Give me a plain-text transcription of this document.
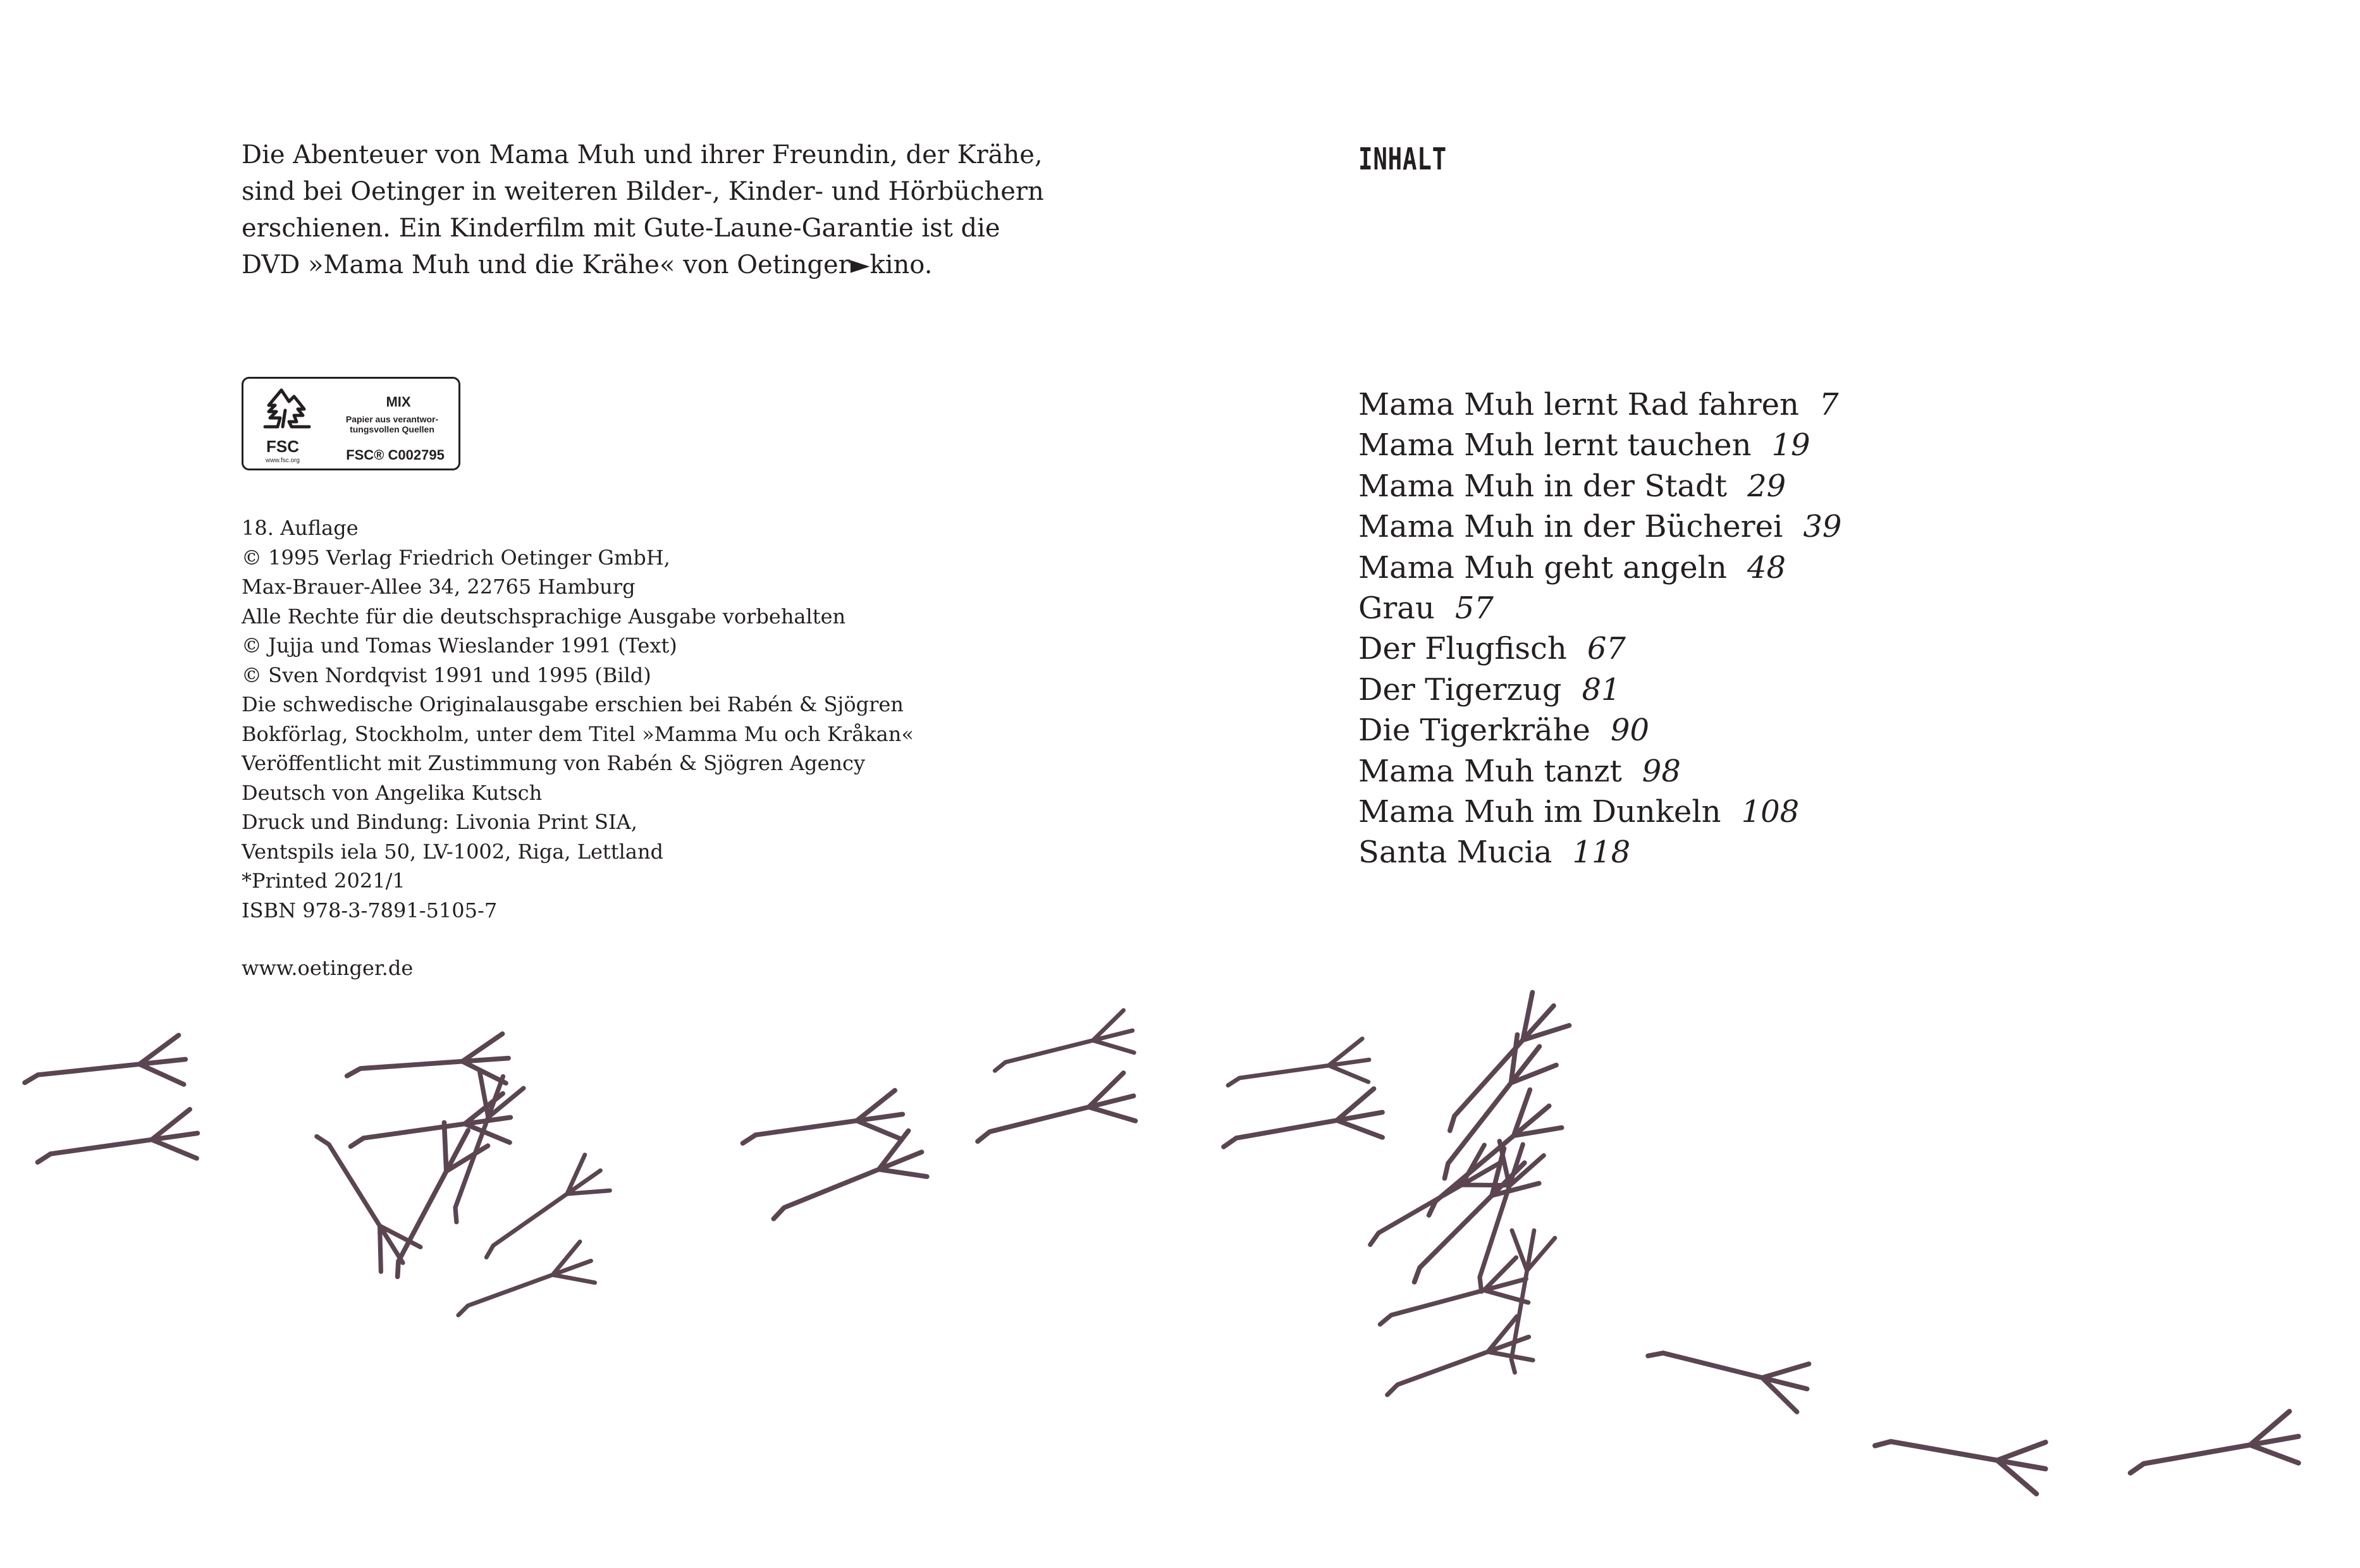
Die Abenteuer von Mama Muh und ihrer Freundin, der Krähe,

sind bei Oetinger in weiteren Bilder-, Kinder- und Hörbüchern

erschienen. Ein Kinderfilm mit Gute-Laune-Garantie ist die

DVD »Mama Muh und die Krähe« von Oetinger►kino.

FSC
www.fsc.org
MIX
Papier aus verantwor-
tungsvollen Quellen
FSC® C002795
18. Auflage
© 1995 Verlag Friedrich Oetinger GmbH,
Max-Brauer-Allee 34, 22765 Hamburg
Alle Rechte für die deutschsprachige Ausgabe vorbehalten
© Jujja und Tomas Wieslander 1991 (Text)
© Sven Nordqvist 1991 und 1995 (Bild)
Die schwedische Originalausgabe erschien bei Rabén & Sjögren
Bokförlag, Stockholm, unter dem Titel »Mamma Mu och Kråkan«
Veröffentlicht mit Zustimmung von Rabén & Sjögren Agency
Deutsch von Angelika Kutsch
Druck und Bindung: Livonia Print SIA,
Ventspils iela 50, LV-1002, Riga, Lettland
*Printed 2021/1
ISBN 978-3-7891-5105-7
www.oetinger.de
INHALT
Mama Muh lernt Rad fahren 7
Mama Muh lernt tauchen 19
Mama Muh in der Stadt 29
Mama Muh in der Bücherei 39
Mama Muh geht angeln 48
Grau 57
Der Flugfisch 67
Der Tigerzug 81
Die Tigerkrähe 90
Mama Muh tanzt 98
Mama Muh im Dunkeln 108
Santa Mucia 118
